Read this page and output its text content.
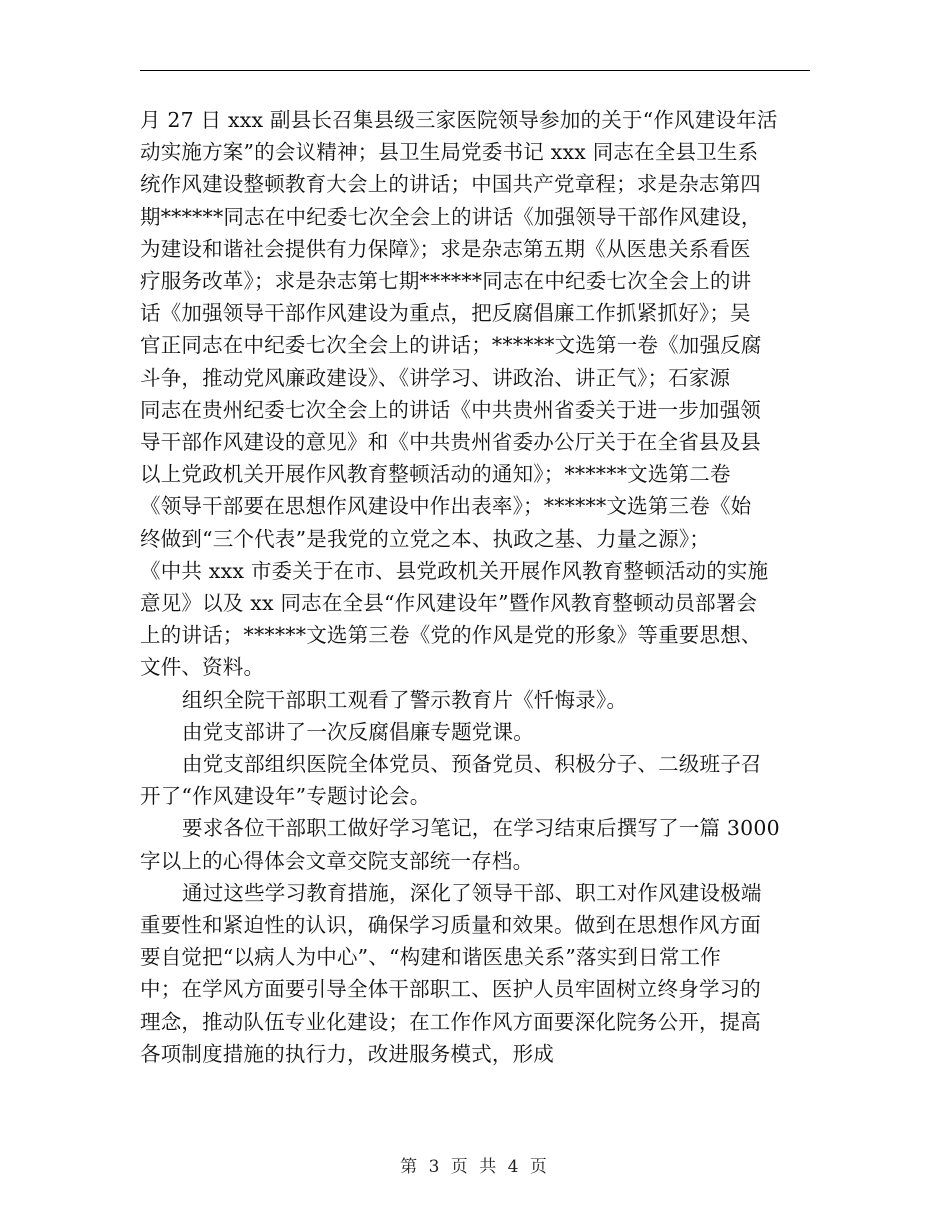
月 27 日 xxx 副县长召集县级三家医院领导参加的关于“作风建设年活
动实施方案”的会议精神；县卫生局党委书记 xxx 同志在全县卫生系
统作风建设整顿教育大会上的讲话；中国共产党章程；求是杂志第四
期******同志在中纪委七次全会上的讲话《加强领导干部作风建设，
为建设和谐社会提供有力保障》；求是杂志第五期《从医患关系看医
疗服务改革》；求是杂志第七期******同志在中纪委七次全会上的讲
话《加强领导干部作风建设为重点，把反腐倡廉工作抓紧抓好》；吴
官正同志在中纪委七次全会上的讲话；******文选第一卷《加强反腐
斗争，推动党风廉政建设》、《讲学习、讲政治、讲正气》；石家源
同志在贵州纪委七次全会上的讲话《中共贵州省委关于进一步加强领
导干部作风建设的意见》和《中共贵州省委办公厅关于在全省县及县
以上党政机关开展作风教育整顿活动的通知》；******文选第二卷
《领导干部要在思想作风建设中作出表率》；******文选第三卷《始
终做到“三个代表”是我党的立党之本、执政之基、力量之源》；
《中共 xxx 市委关于在市、县党政机关开展作风教育整顿活动的实施
意见》以及 xx 同志在全县“作风建设年”暨作风教育整顿动员部署会
上的讲话；******文选第三卷《党的作风是党的形象》等重要思想、
文件、资料。
组织全院干部职工观看了警示教育片《忏悔录》。
由党支部讲了一次反腐倡廉专题党课。
由党支部组织医院全体党员、预备党员、积极分子、二级班子召
开了“作风建设年”专题讨论会。
要求各位干部职工做好学习笔记，在学习结束后撰写了一篇 3000
字以上的心得体会文章交院支部统一存档。
通过这些学习教育措施，深化了领导干部、职工对作风建设极端
重要性和紧迫性的认识，确保学习质量和效果。做到在思想作风方面
要自觉把“以病人为中心”、“构建和谐医患关系”落实到日常工作
中；在学风方面要引导全体干部职工、医护人员牢固树立终身学习的
理念，推动队伍专业化建设；在工作作风方面要深化院务公开，提高
各项制度措施的执行力，改进服务模式，形成
第 3 页 共 4 页
